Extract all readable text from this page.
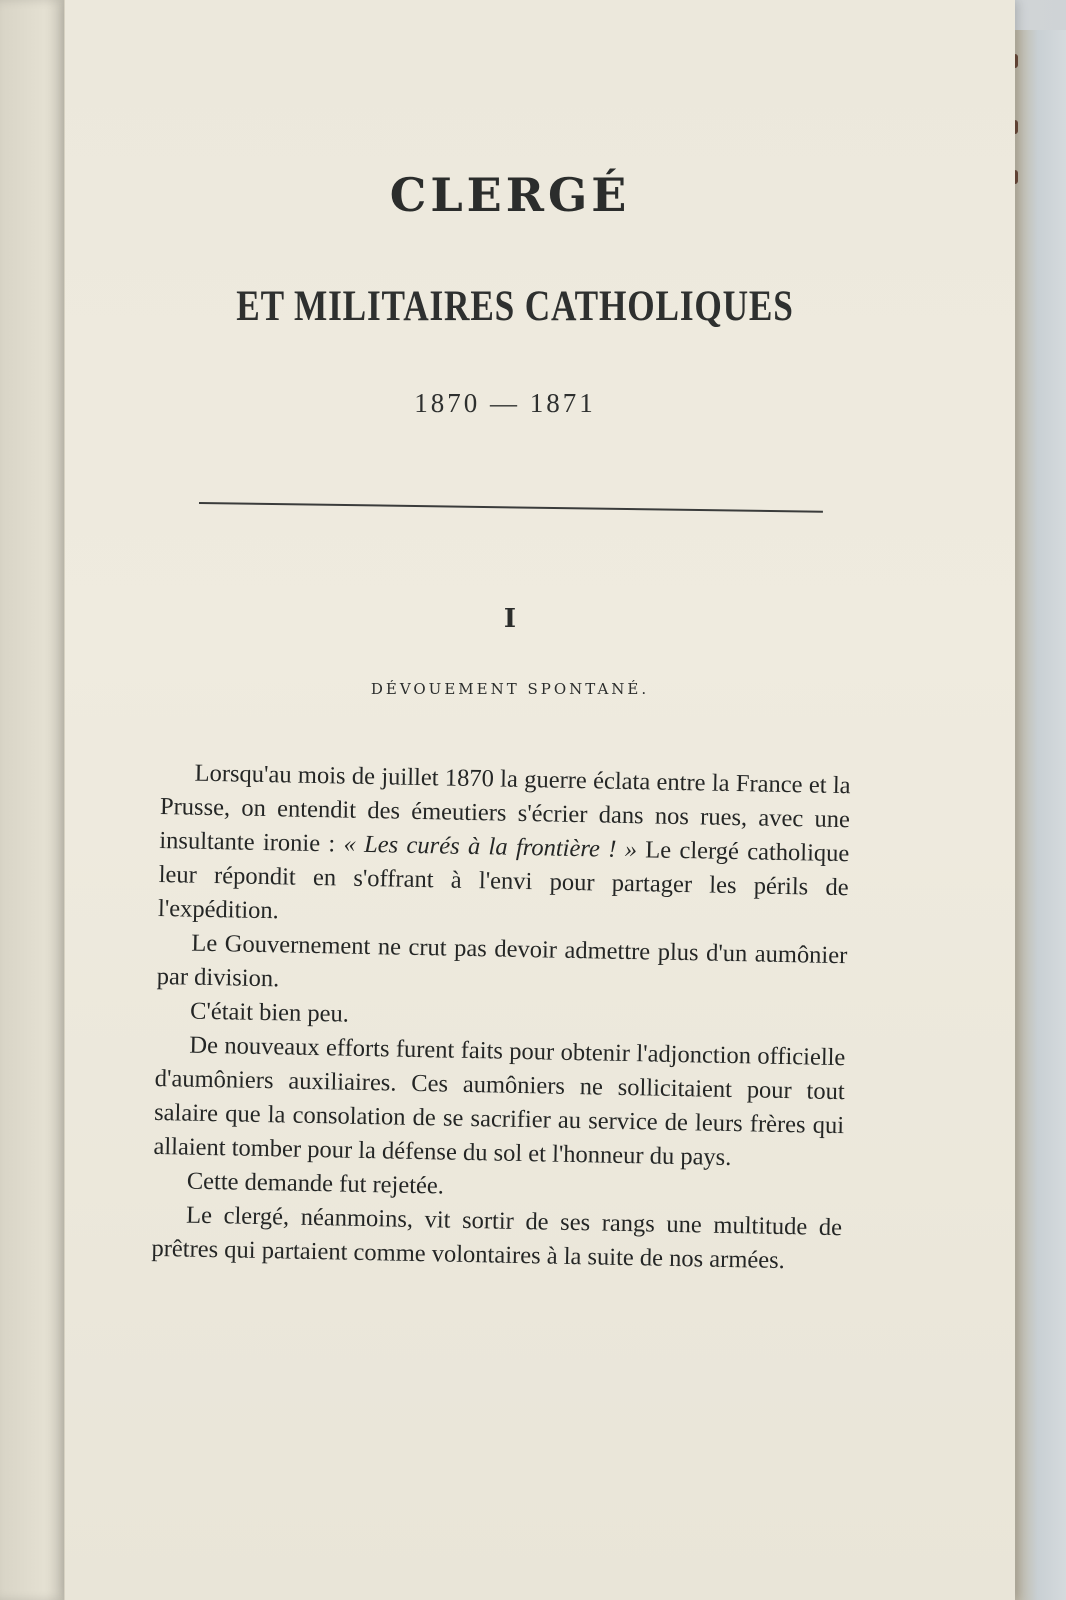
CLERGÉ
ET MILITAIRES CATHOLIQUES
1870 — 1871
I
DÉVOUEMENT SPONTANÉ.

Lorsqu'au mois de juillet 1870 la guerre éclata entre la France et la Prusse, on entendit des émeutiers s'écrier dans nos rues, avec une insultante ironie : « Les curés à la frontière ! » Le clergé catholique leur répondit en s'offrant à l'envi pour partager les périls de l'expédition.

Le Gouvernement ne crut pas devoir admettre plus d'un aumônier par division.

C'était bien peu.

De nouveaux efforts furent faits pour obtenir l'adjonction officielle d'aumôniers auxiliaires. Ces aumôniers ne sollicitaient pour tout salaire que la consolation de se sacrifier au service de leurs frères qui allaient tomber pour la défense du sol et l'honneur du pays.

Cette demande fut rejetée.

Le clergé, néanmoins, vit sortir de ses rangs une multitude de prêtres qui partaient comme volontaires à la suite de nos armées.
